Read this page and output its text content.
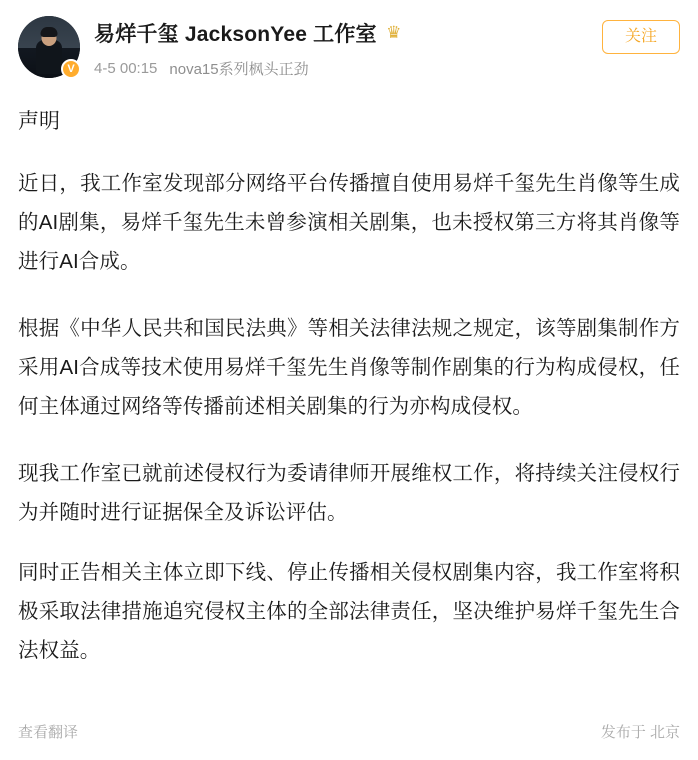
V
易烊千玺 JacksonYee 工作室 ♛
4-5 00:15 nova15系列枫头正劲
关注
声明

近日，我工作室发现部分网络平台传播擅自使用易烊千玺先生肖像等生成的AI剧集，易烊千玺先生未曾参演相关剧集，也未授权第三方将其肖像等进行AI合成。

根据《中华人民共和国民法典》等相关法律法规之规定，该等剧集制作方采用AI合成等技术使用易烊千玺先生肖像等制作剧集的行为构成侵权，任何主体通过网络等传播前述相关剧集的行为亦构成侵权。

现我工作室已就前述侵权行为委请律师开展维权工作，将持续关注侵权行为并随时进行证据保全及诉讼评估。

同时正告相关主体立即下线、停止传播相关侵权剧集内容，我工作室将积极采取法律措施追究侵权主体的全部法律责任，坚决维护易烊千玺先生合法权益。

查看翻译	发布于 北京
